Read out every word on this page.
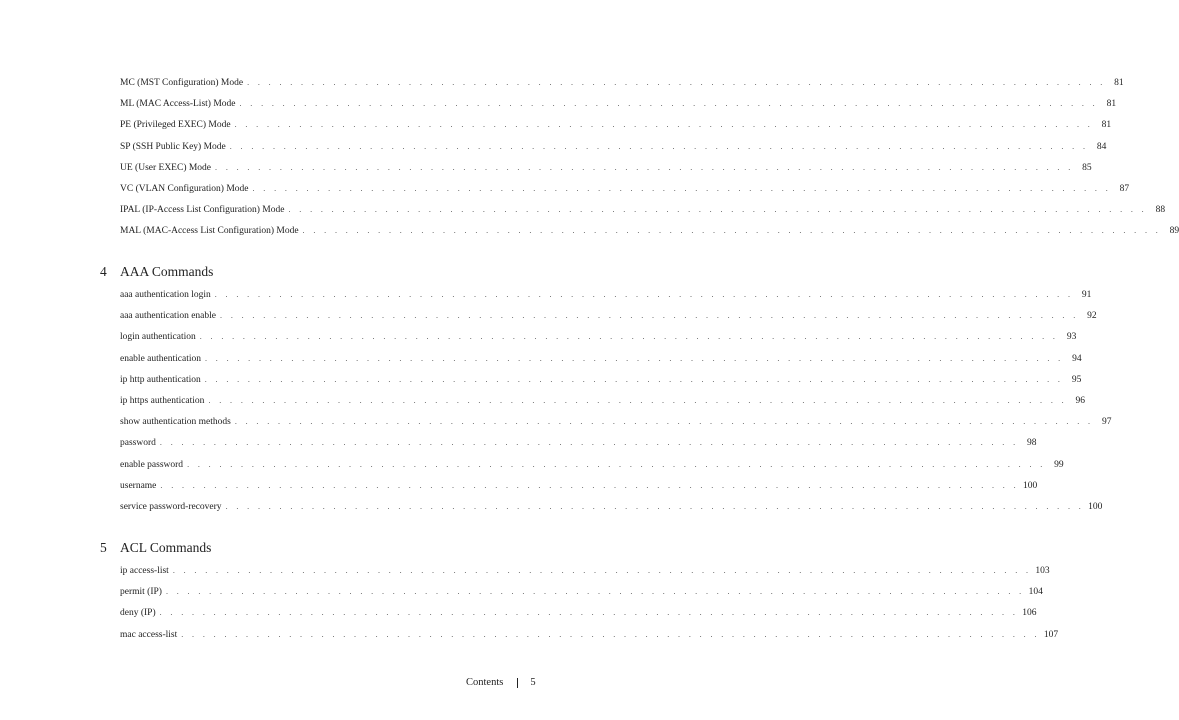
MC (MST Configuration) Mode . . . . . . . . . . . . . . . . . . . . . . . . . . . . . . . . . . . . . . . . . . . . . . . . . . . . . . . . . . . . . . . . . . . . . . . . . . . . . . . . 81
ML (MAC Access-List) Mode . . . . . . . . . . . . . . . . . . . . . . . . . . . . . . . . . . . . . . . . . . . . . . . . . . . . . . . . . . . . . . . . . . . . . . . . . . . . . . . . 81
PE (Privileged EXEC) Mode . . . . . . . . . . . . . . . . . . . . . . . . . . . . . . . . . . . . . . . . . . . . . . . . . . . . . . . . . . . . . . . . . . . . . . . . . . . . . . . . 81
SP (SSH Public Key) Mode . . . . . . . . . . . . . . . . . . . . . . . . . . . . . . . . . . . . . . . . . . . . . . . . . . . . . . . . . . . . . . . . . . . . . . . . . . . . . . . . 84
UE (User EXEC) Mode . . . . . . . . . . . . . . . . . . . . . . . . . . . . . . . . . . . . . . . . . . . . . . . . . . . . . . . . . . . . . . . . . . . . . . . . . . . . . . . . 85
VC (VLAN Configuration) Mode . . . . . . . . . . . . . . . . . . . . . . . . . . . . . . . . . . . . . . . . . . . . . . . . . . . . . . . . . . . . . . . . . . . . . . . . . . . . . . . . 87
IPAL (IP-Access List Configuration) Mode . . . . . . . . . . . . . . . . . . . . . . . . . . . . . . . . . . . . . . . . . . . . . . . . . . . . . . . . . . . . . . . . . . . . . . . . . . . . . . . . 88
MAL (MAC-Access List Configuration) Mode . . . . . . . . . . . . . . . . . . . . . . . . . . . . . . . . . . . . . . . . . . . . . . . . . . . . . . . . . . . . . . . . . . . . . . . . . . . . . . . . 89
4 AAA Commands
aaa authentication login . . . . . . . . . . . . . . . . . . . . . . . . . . . . . . . . . . . . . . . . . . . . . . . . . . . . . . . . . . . . . . . . . . . . . . . . . . . . . . . . 91
aaa authentication enable . . . . . . . . . . . . . . . . . . . . . . . . . . . . . . . . . . . . . . . . . . . . . . . . . . . . . . . . . . . . . . . . . . . . . . . . . . . . . . . . 92
login authentication . . . . . . . . . . . . . . . . . . . . . . . . . . . . . . . . . . . . . . . . . . . . . . . . . . . . . . . . . . . . . . . . . . . . . . . . . . . . . . . . 93
enable authentication . . . . . . . . . . . . . . . . . . . . . . . . . . . . . . . . . . . . . . . . . . . . . . . . . . . . . . . . . . . . . . . . . . . . . . . . . . . . . . . . 94
ip http authentication . . . . . . . . . . . . . . . . . . . . . . . . . . . . . . . . . . . . . . . . . . . . . . . . . . . . . . . . . . . . . . . . . . . . . . . . . . . . . . . . 95
ip https authentication . . . . . . . . . . . . . . . . . . . . . . . . . . . . . . . . . . . . . . . . . . . . . . . . . . . . . . . . . . . . . . . . . . . . . . . . . . . . . . . . 96
show authentication methods . . . . . . . . . . . . . . . . . . . . . . . . . . . . . . . . . . . . . . . . . . . . . . . . . . . . . . . . . . . . . . . . . . . . . . . . . . . . . . . . 97
password . . . . . . . . . . . . . . . . . . . . . . . . . . . . . . . . . . . . . . . . . . . . . . . . . . . . . . . . . . . . . . . . . . . . . . . . . . . . . . . . 98
enable password . . . . . . . . . . . . . . . . . . . . . . . . . . . . . . . . . . . . . . . . . . . . . . . . . . . . . . . . . . . . . . . . . . . . . . . . . . . . . . . . 99
username . . . . . . . . . . . . . . . . . . . . . . . . . . . . . . . . . . . . . . . . . . . . . . . . . . . . . . . . . . . . . . . . . . . . . . . . . . . . . . . . 100
service password-recovery . . . . . . . . . . . . . . . . . . . . . . . . . . . . . . . . . . . . . . . . . . . . . . . . . . . . . . . . . . . . . . . . . . . . . . . . . . . . . . . . 100
5 ACL Commands
ip access-list . . . . . . . . . . . . . . . . . . . . . . . . . . . . . . . . . . . . . . . . . . . . . . . . . . . . . . . . . . . . . . . . . . . . . . . . . . . . . . . . 103
permit (IP) . . . . . . . . . . . . . . . . . . . . . . . . . . . . . . . . . . . . . . . . . . . . . . . . . . . . . . . . . . . . . . . . . . . . . . . . . . . . . . . . 104
deny (IP) . . . . . . . . . . . . . . . . . . . . . . . . . . . . . . . . . . . . . . . . . . . . . . . . . . . . . . . . . . . . . . . . . . . . . . . . . . . . . . . . 106
mac access-list . . . . . . . . . . . . . . . . . . . . . . . . . . . . . . . . . . . . . . . . . . . . . . . . . . . . . . . . . . . . . . . . . . . . . . . . . . . . . . . . 107
Contents	5
